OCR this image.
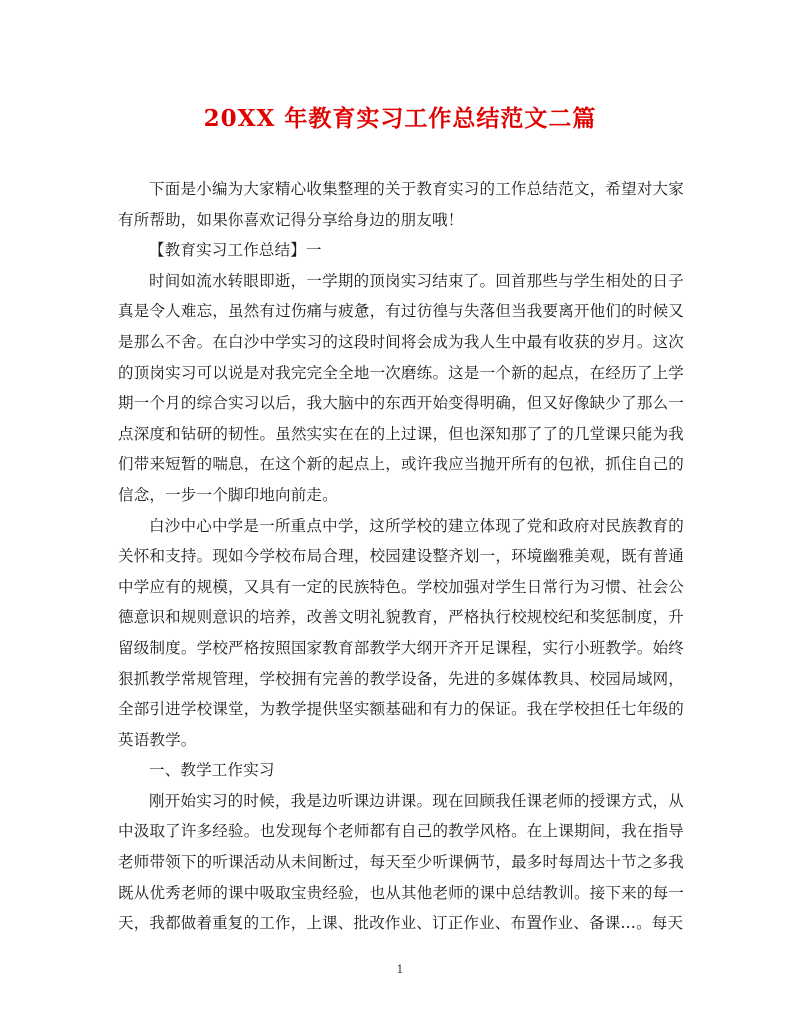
20XX 年教育实习工作总结范文二篇

下面是小编为大家精心收集整理的关于教育实习的工作总结范文，希望对大家有所帮助，如果你喜欢记得分享给身边的朋友哦！

【教育实习工作总结】一

时间如流水转眼即逝，一学期的顶岗实习结束了。回首那些与学生相处的日子真是令人难忘，虽然有过伤痛与疲惫，有过彷徨与失落但当我要离开他们的时候又是那么不舍。在白沙中学实习的这段时间将会成为我人生中最有收获的岁月。这次的顶岗实习可以说是对我完完全全地一次磨练。这是一个新的起点，在经历了上学期一个月的综合实习以后，我大脑中的东西开始变得明确，但又好像缺少了那么一点深度和钻研的韧性。虽然实实在在的上过课，但也深知那了了的几堂课只能为我们带来短暂的喘息，在这个新的起点上，或许我应当抛开所有的包袱，抓住自己的信念，一步一个脚印地向前走。

白沙中心中学是一所重点中学，这所学校的建立体现了党和政府对民族教育的关怀和支持。现如今学校布局合理，校园建设整齐划一，环境幽雅美观，既有普通中学应有的规模，又具有一定的民族特色。学校加强对学生日常行为习惯、社会公德意识和规则意识的培养，改善文明礼貌教育，严格执行校规校纪和奖惩制度，升留级制度。学校严格按照国家教育部教学大纲开齐开足课程，实行小班教学。始终狠抓教学常规管理，学校拥有完善的教学设备，先进的多媒体教具、校园局域网，全部引进学校课堂，为教学提供坚实额基础和有力的保证。我在学校担任七年级的英语教学。

一、教学工作实习

刚开始实习的时候，我是边听课边讲课。现在回顾我任课老师的授课方式，从中汲取了许多经验。也发现每个老师都有自己的教学风格。在上课期间，我在指导老师带领下的听课活动从未间断过，每天至少听课俩节，最多时每周达十节之多我既从优秀老师的课中吸取宝贵经验，也从其他老师的课中总结教训。接下来的每一天，我都做着重复的工作，上课、批改作业、订正作业、布置作业、备课…。每天

1
